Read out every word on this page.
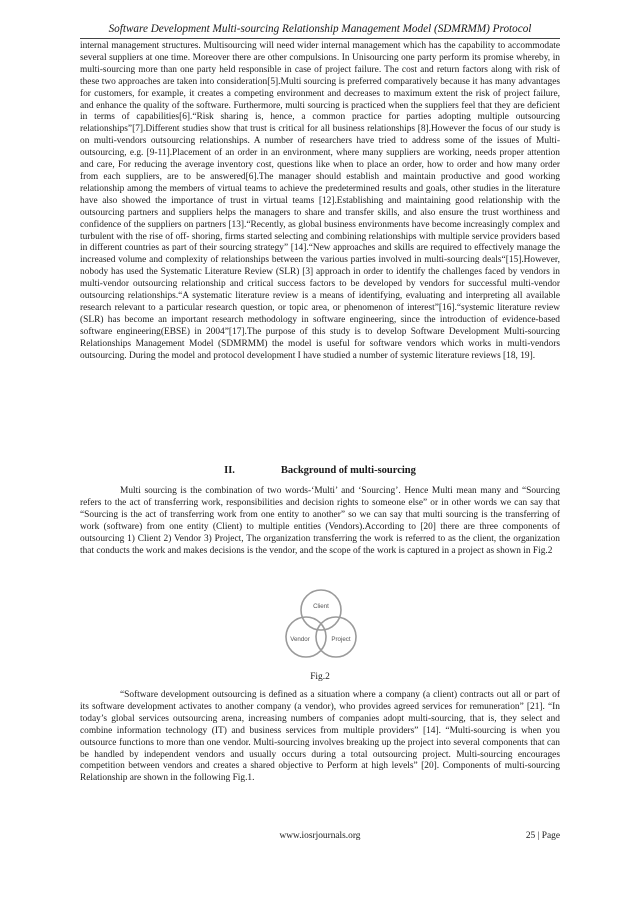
Software Development Multi-sourcing Relationship Management Model (SDMRMM) Protocol
internal management structures. Multisourcing will need wider internal management which has the capability to accommodate several suppliers at one time. Moreover there are other compulsions. In Unisourcing one party perform its promise whereby, in multi-sourcing more than one party held responsible in case of project failure. The cost and return factors along with risk of these two approaches are taken into consideration[5].Multi sourcing is preferred comparatively because it has many advantages for customers, for example, it creates a competing environment and decreases to maximum extent the risk of project failure, and enhance the quality of the software. Furthermore, multi sourcing is practiced when the suppliers feel that they are deficient in terms of capabilities[6].“Risk sharing is, hence, a common practice for parties adopting multiple outsourcing relationships”[7].Different studies show that trust is critical for all business relationships [8].However the focus of our study is on multi-vendors outsourcing relationships. A number of researchers have tried to address some of the issues of Multi-outsourcing, e.g. [9-11].Placement of an order in an environment, where many suppliers are working, needs proper attention and care, For reducing the average inventory cost, questions like when to place an order, how to order and how many order from each suppliers, are to be answered[6].The manager should establish and maintain productive and good working relationship among the members of virtual teams to achieve the predetermined results and goals, other studies in the literature have also showed the importance of trust in virtual teams [12].Establishing and maintaining good relationship with the outsourcing partners and suppliers helps the managers to share and transfer skills, and also ensure the trust worthiness and confidence of the suppliers on partners [13].“Recently, as global business environments have become increasingly complex and turbulent with the rise of off- shoring, firms started selecting and combining relationships with multiple service providers based in different countries as part of their sourcing strategy” [14].“New approaches and skills are required to effectively manage the increased volume and complexity of relationships between the various parties involved in multi-sourcing deals“[15].However, nobody has used the Systematic Literature Review (SLR) [3] approach in order to identify the challenges faced by vendors in multi-vendor outsourcing relationship and critical success factors to be developed by vendors for successful multi-vendor outsourcing relationships.“A systematic literature review is a means of identifying, evaluating and interpreting all available research relevant to a particular research question, or topic area, or phenomenon of interest”[16].“systemic literature review (SLR) has become an important research methodology in software engineering, since the introduction of evidence-based software engineering(EBSE) in 2004”[17].The purpose of this study is to develop Software Development Multi-sourcing Relationships Management Model (SDMRMM) the model is useful for software vendors which works in multi-vendors outsourcing. During the model and protocol development I have studied a number of systemic literature reviews [18, 19].
II.	Background of multi-sourcing
Multi sourcing is the combination of two words-‘Multi’ and ‘Sourcing’. Hence Multi mean many and “Sourcing refers to the act of transferring work, responsibilities and decision rights to someone else” or in other words we can say that “Sourcing is the act of transferring work from one entity to another” so we can say that multi sourcing is the transferring of work (software) from one entity (Client) to multiple entities (Vendors).According to [20] there are three components of outsourcing 1) Client 2) Vendor 3) Project, The organization transferring the work is referred to as the client, the organization that conducts the work and makes decisions is the vendor, and the scope of the work is captured in a project as shown in Fig.2
Client
Vendor	Project
Fig.2
“Software development outsourcing is defined as a situation where a company (a client) contracts out all or part of its software development activates to another company (a vendor), who provides agreed services for remuneration” [21]. “In today’s global services outsourcing arena, increasing numbers of companies adopt multi-sourcing, that is, they select and combine information technology (IT) and business services from multiple providers” [14]. “Multi-sourcing is when you outsource functions to more than one vendor. Multi-sourcing involves breaking up the project into several components that can be handled by independent vendors and usually occurs during a total outsourcing project. Multi-sourcing encourages competition between vendors and creates a shared objective to Perform at high levels” [20]. Components of multi-sourcing Relationship are shown in the following Fig.1.
www.iosrjournals.org	25 | Page
